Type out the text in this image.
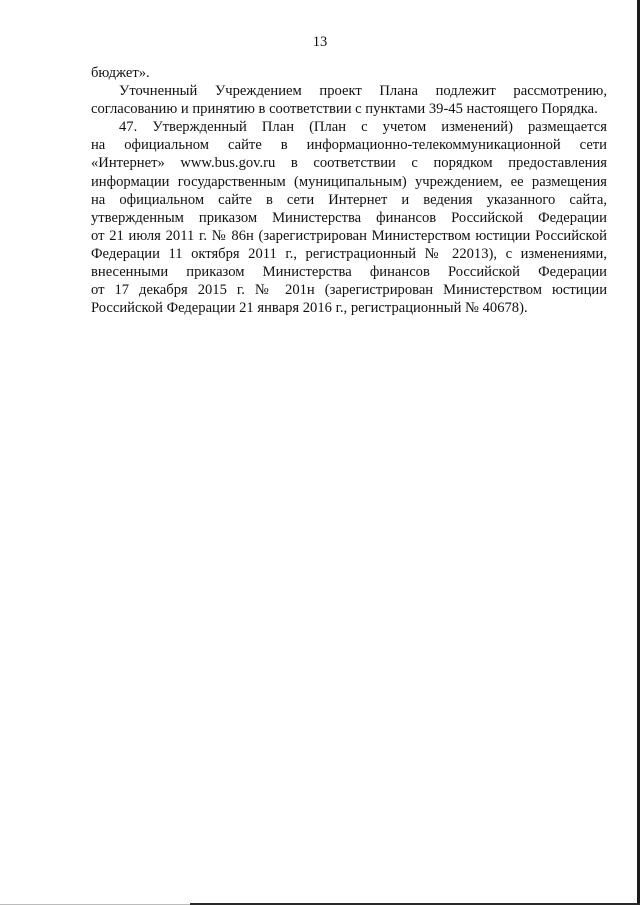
13
бюджет».
Уточненный Учреждением проект Плана подлежит рассмотрению,
согласованию и принятию в соответствии с пунктами 39-45 настоящего Порядка.
47. Утвержденный План (План с учетом изменений) размещается
на официальном сайте в информационно-телекоммуникационной сети
«Интернет» www.bus.gov.ru в соответствии с порядком предоставления
информации государственным (муниципальным) учреждением, ее размещения
на официальном сайте в сети Интернет и ведения указанного сайта,
утвержденным приказом Министерства финансов Российской Федерации
от 21 июля 2011 г. № 86н (зарегистрирован Министерством юстиции Российской
Федерации 11 октября 2011 г., регистрационный № 22013), с изменениями,
внесенными приказом Министерства финансов Российской Федерации
от 17 декабря 2015 г. № 201н (зарегистрирован Министерством юстиции
Российской Федерации 21 января 2016 г., регистрационный № 40678).
